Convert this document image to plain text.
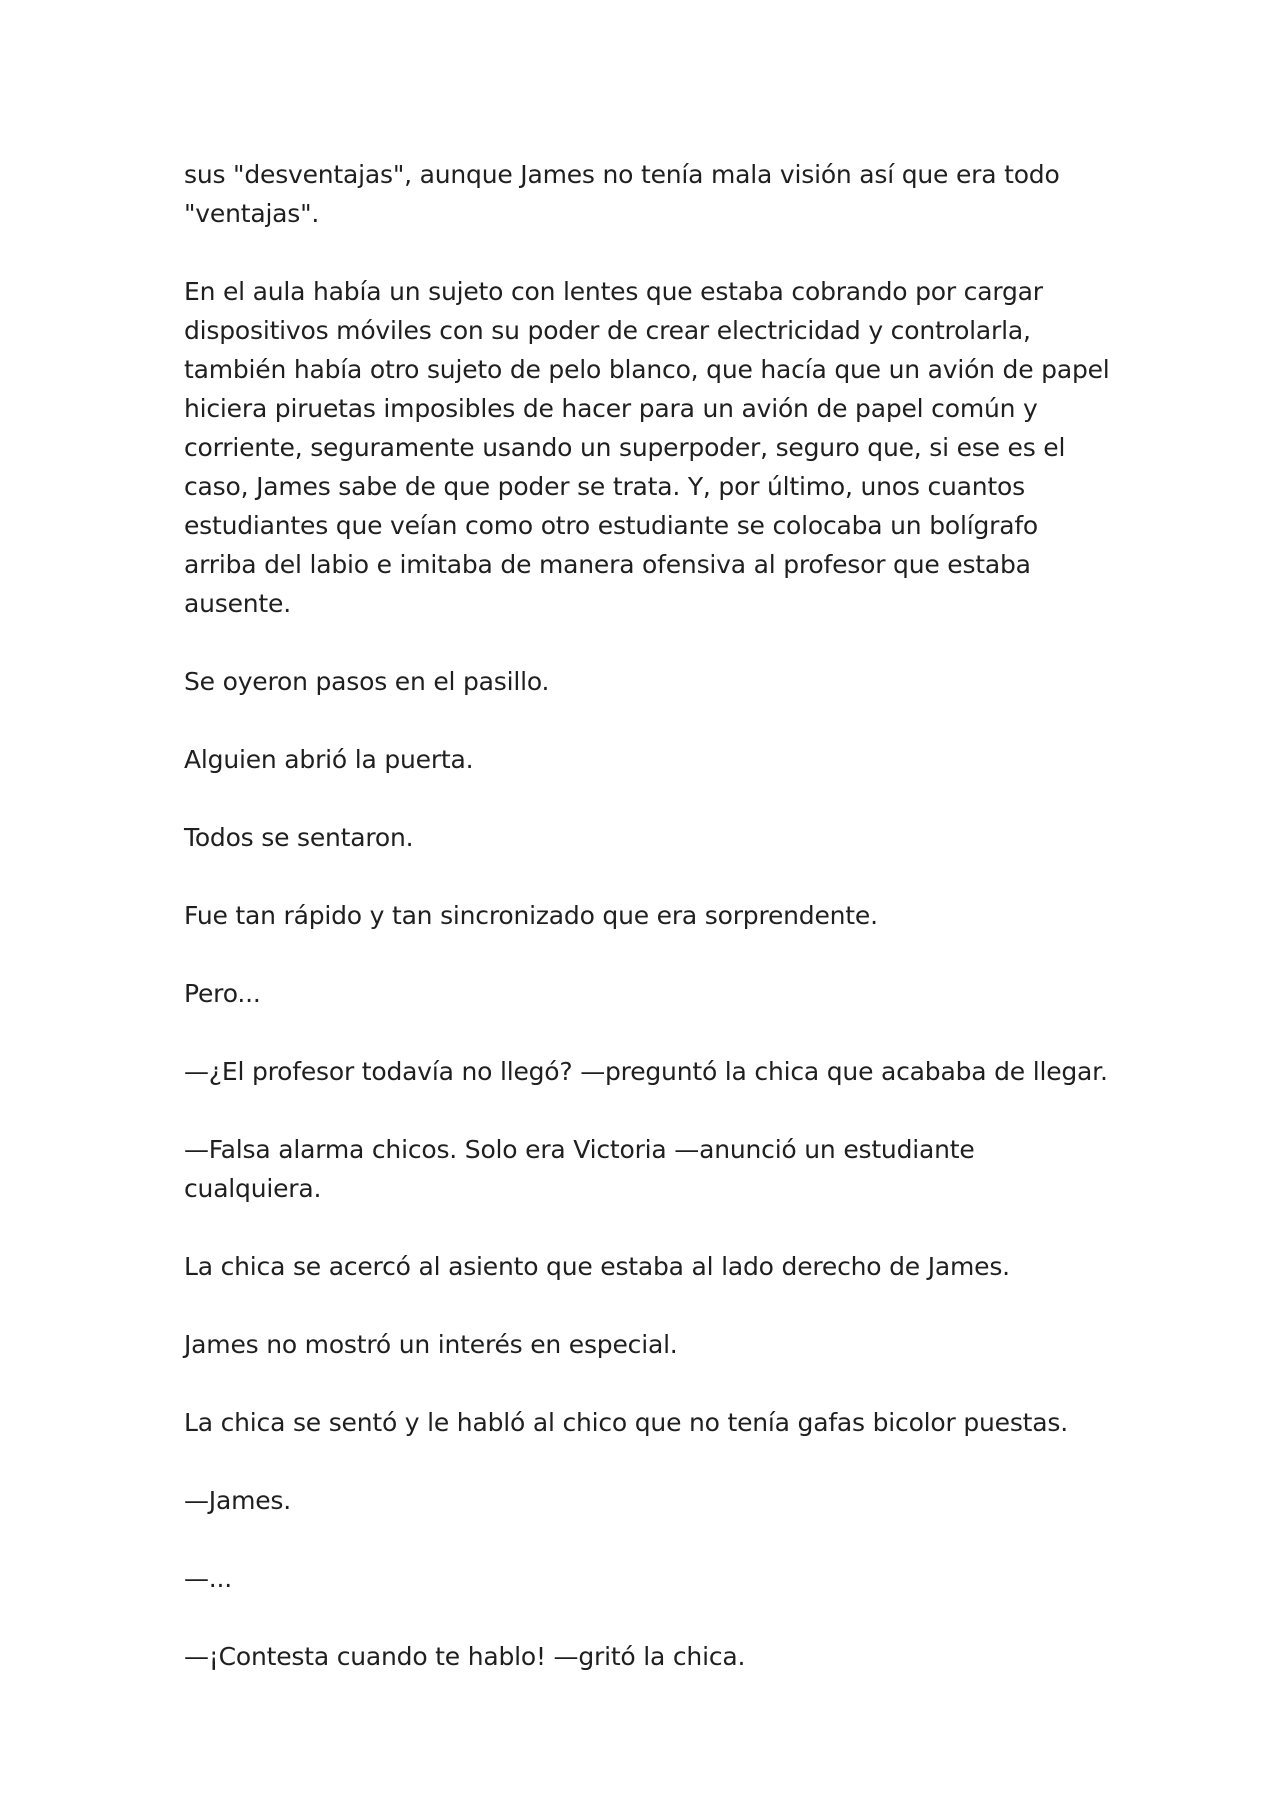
sus "desventajas", aunque James no tenía mala visión así que era todo "ventajas".

En el aula había un sujeto con lentes que estaba cobrando por cargar dispositivos móviles con su poder de crear electricidad y controlarla, también había otro sujeto de pelo blanco, que hacía que un avión de papel hiciera piruetas imposibles de hacer para un avión de papel común y corriente, seguramente usando un superpoder, seguro que, si ese es el caso, James sabe de que poder se trata. Y, por último, unos cuantos estudiantes que veían como otro estudiante se colocaba un bolígrafo arriba del labio e imitaba de manera ofensiva al profesor que estaba ausente.

Se oyeron pasos en el pasillo.

Alguien abrió la puerta.

Todos se sentaron.

Fue tan rápido y tan sincronizado que era sorprendente.

Pero...

—¿El profesor todavía no llegó? —preguntó la chica que acababa de llegar.

—Falsa alarma chicos. Solo era Victoria —anunció un estudiante cualquiera.

La chica se acercó al asiento que estaba al lado derecho de James.

James no mostró un interés en especial.

La chica se sentó y le habló al chico que no tenía gafas bicolor puestas.

—James.

—...

—¡Contesta cuando te hablo! —gritó la chica.
